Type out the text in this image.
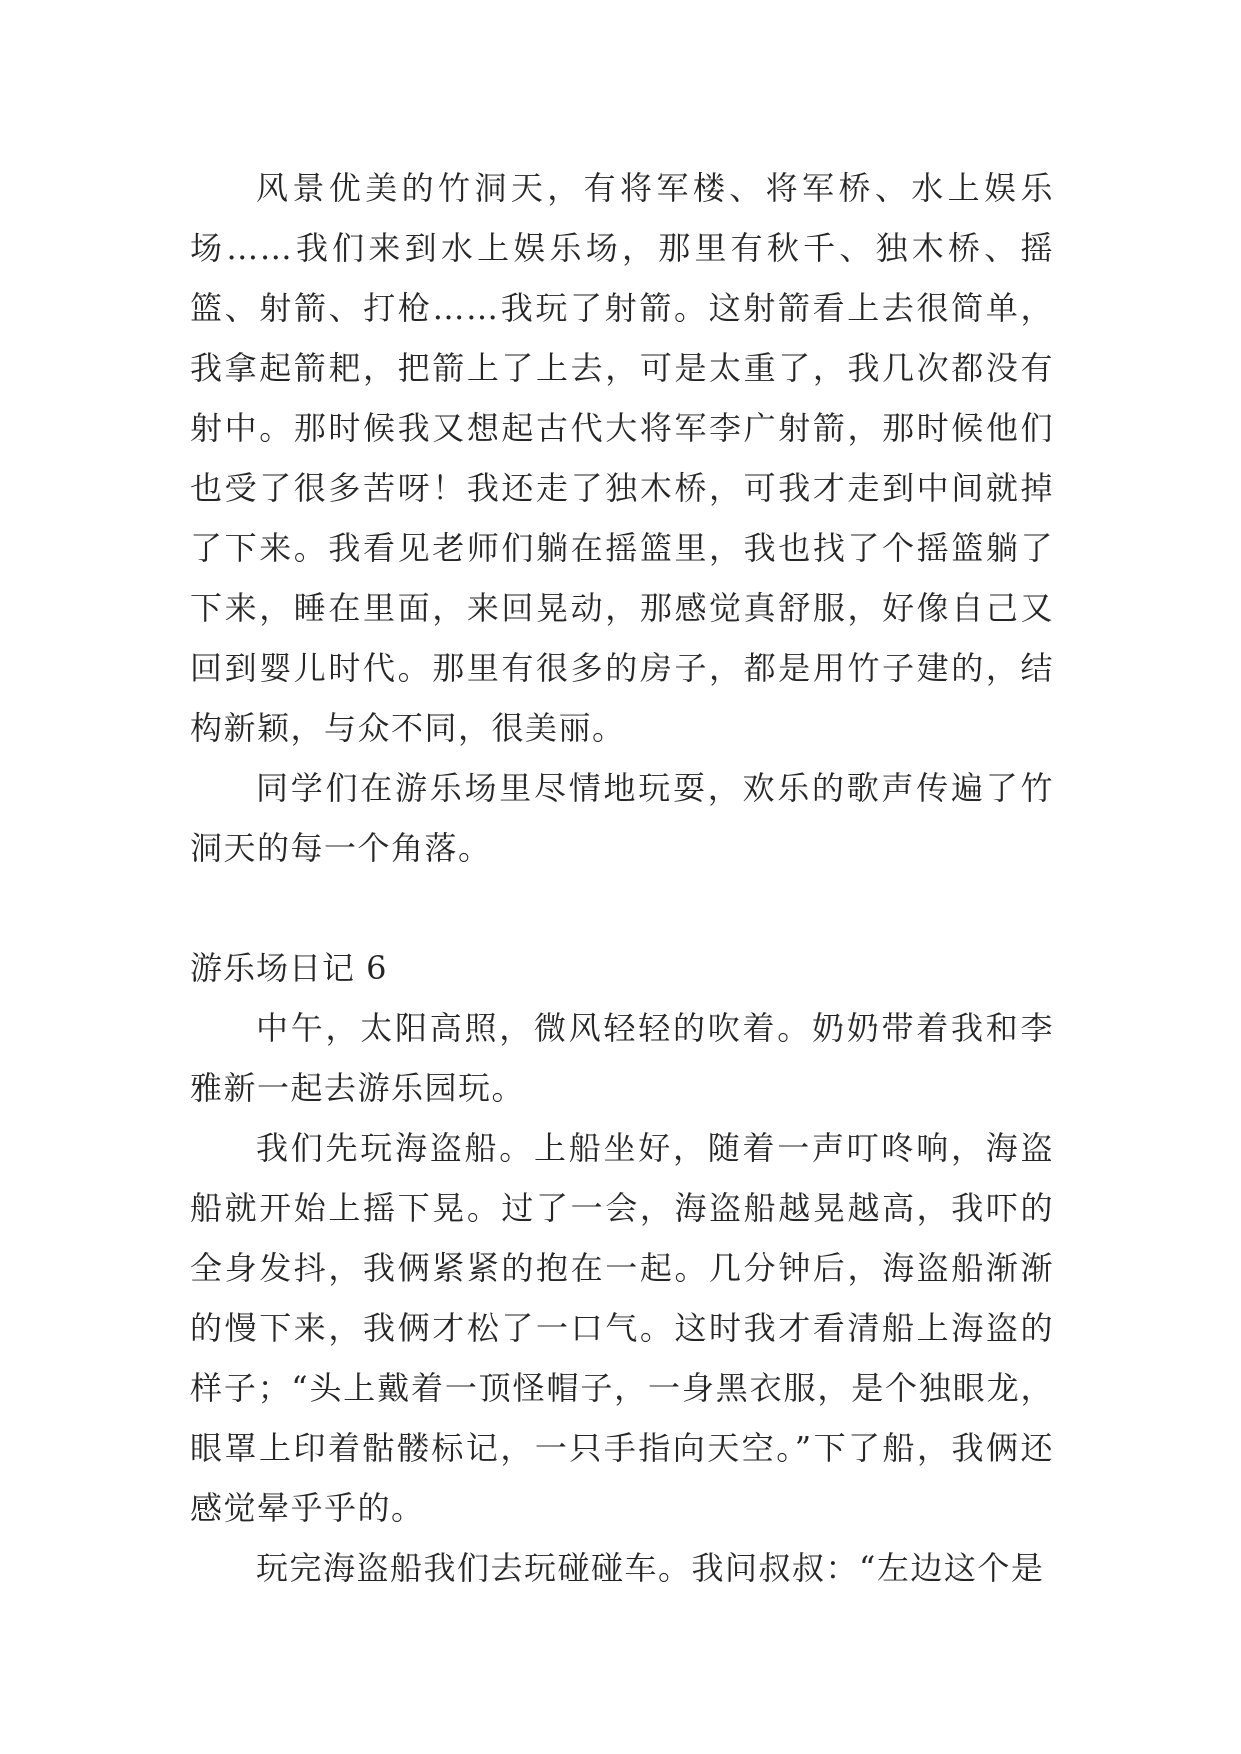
风景优美的竹洞天，有将军楼、将军桥、水上娱乐场……我们来到水上娱乐场，那里有秋千、独木桥、摇篮、射箭、打枪……我玩了射箭。这射箭看上去很简单，我拿起箭耙，把箭上了上去，可是太重了，我几次都没有射中。那时候我又想起古代大将军李广射箭，那时候他们也受了很多苦呀！我还走了独木桥，可我才走到中间就掉了下来。我看见老师们躺在摇篮里，我也找了个摇篮躺了下来，睡在里面，来回晃动，那感觉真舒服，好像自己又回到婴儿时代。那里有很多的房子，都是用竹子建的，结构新颖，与众不同，很美丽。

同学们在游乐场里尽情地玩耍，欢乐的歌声传遍了竹洞天的每一个角落。

游乐场日记 6

中午，太阳高照，微风轻轻的吹着。奶奶带着我和李雅新一起去游乐园玩。

我们先玩海盗船。上船坐好，随着一声叮咚响，海盗船就开始上摇下晃。过了一会，海盗船越晃越高，我吓的全身发抖，我俩紧紧的抱在一起。几分钟后，海盗船渐渐的慢下来，我俩才松了一口气。这时我才看清船上海盗的样子；“头上戴着一顶怪帽子，一身黑衣服，是个独眼龙，眼罩上印着骷髅标记，一只手指向天空。”下了船，我俩还感觉晕乎乎的。

玩完海盗船我们去玩碰碰车。我问叔叔：“左边这个是
